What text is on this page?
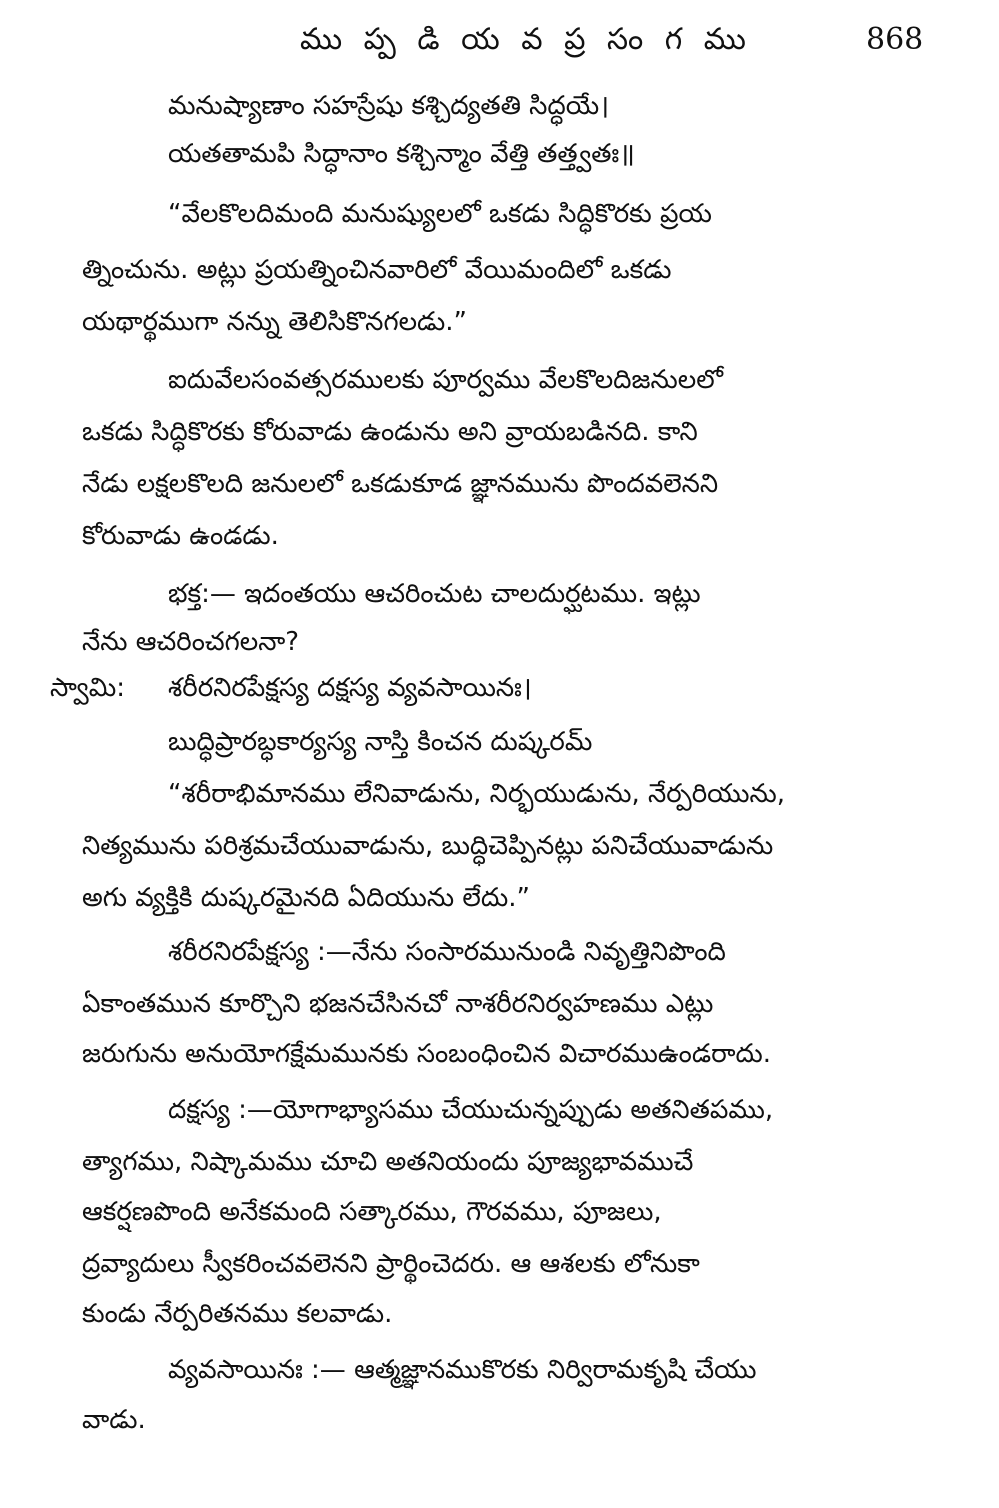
ము ప్ప డి య వ ప్ర సం గ ము	868
మనుష్యాణాం సహస్రేషు కశ్చిద్యతతి సిద్ధయే।
యతతామపి సిద్ధానాం కశ్చిన్మాం వేత్తి తత్త్వతః॥
“వేలకొలదిమంది మనుష్యులలో ఒకడు సిద్ధికొరకు ప్రయ
త్నించును. అట్లు ప్రయత్నించినవారిలో వేయిమందిలో ఒకడు
యథార్థముగా నన్ను తెలిసికొనగలడు.”
ఐదువేలసంవత్సరములకు పూర్వము వేలకొలదిజనులలో
ఒకడు సిద్ధికొరకు కోరువాడు ఉండును అని వ్రాయబడినది. కాని
నేడు లక్షలకొలది జనులలో ఒకడుకూడ జ్ఞానమును పొందవలెనని
కోరువాడు ఉండడు.
భక్త:— ఇదంతయు ఆచరించుట చాలదుర్ఘటము. ఇట్లు
నేను ఆచరించగలనా?
స్వామి: శరీరనిరపేక్షస్య దక్షస్య వ్యవసాయినః।
బుద్ధిప్రారబ్ధకార్యస్య నాస్తి కించన దుష్కరమ్
“శరీరాభిమానము లేనివాడును, నిర్భయుడును, నేర్పరియును,
నిత్యమును పరిశ్రమచేయువాడును, బుద్ధిచెప్పినట్లు పనిచేయువాడును
అగు వ్యక్తికి దుష్కరమైనది ఏదియును లేదు.”
శరీరనిరపేక్షస్య :—నేను సంసారమునుండి నివృత్తినిపొంది
ఏకాంతమున కూర్చొని భజనచేసినచో నాశరీరనిర్వహణము ఎట్లు
జరుగును అనుయోగక్షేమమునకు సంబంధించిన విచారముఉండరాదు.
దక్షస్య :—యోగాభ్యాసము చేయుచున్నప్పుడు అతనితపము,
త్యాగము, నిష్కామము చూచి అతనియందు పూజ్యభావముచే
ఆకర్షణపొంది అనేకమంది సత్కారము, గౌరవము, పూజలు,
ద్రవ్యాదులు స్వీకరించవలెనని ప్రార్థించెదరు. ఆ ఆశలకు లోనుకా
కుండు నేర్పరితనము కలవాడు.
వ్యవసాయినః :— ఆత్మజ్ఞానముకొరకు నిర్విరామకృషి చేయు
వాడు.
